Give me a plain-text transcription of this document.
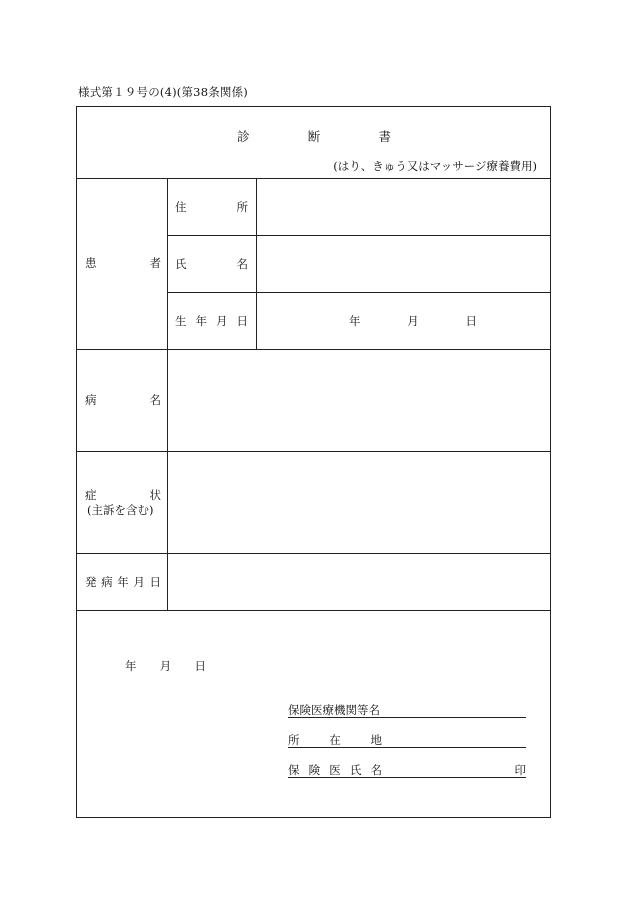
様式第１９号の(4)(第38条関係)
診	断	書
(はり、きゅう又はマッサージ療養費用)
患	者
住	所
氏	名
生 年 月 日	年	月	日
病	名
症	状
(主訴を含む)
発 病 年 月 日
年 月 日
保険医療機関等名
所	在	地
保 険 医 氏 名	印
